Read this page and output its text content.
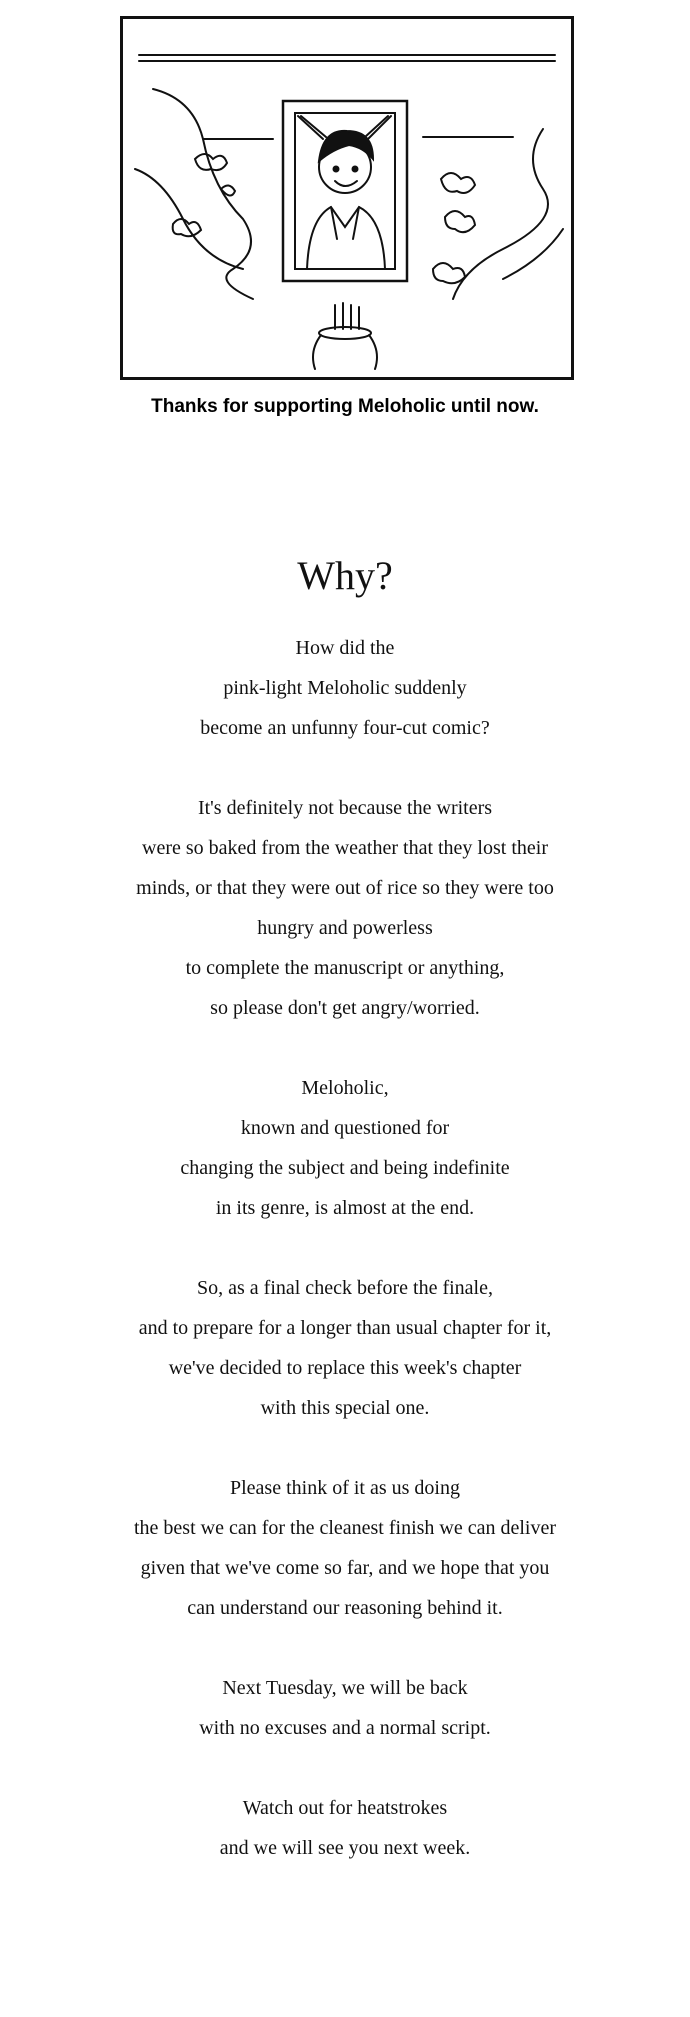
Thanks for supporting Meloholic until now.
Why?
How did the
pink-light Meloholic suddenly
become an unfunny four-cut comic?
It's definitely not because the writers
were so baked from the weather that they lost their
minds, or that they were out of rice so they were too
hungry and powerless
to complete the manuscript or anything,
so please don't get angry/worried.
Meloholic,
known and questioned for
changing the subject and being indefinite
in its genre, is almost at the end.
So, as a final check before the finale,
and to prepare for a longer than usual chapter for it,
we've decided to replace this week's chapter
with this special one.
Please think of it as us doing
the best we can for the cleanest finish we can deliver
given that we've come so far, and we hope that you
can understand our reasoning behind it.
Next Tuesday, we will be back
with no excuses and a normal script.
Watch out for heatstrokes
and we will see you next week.
